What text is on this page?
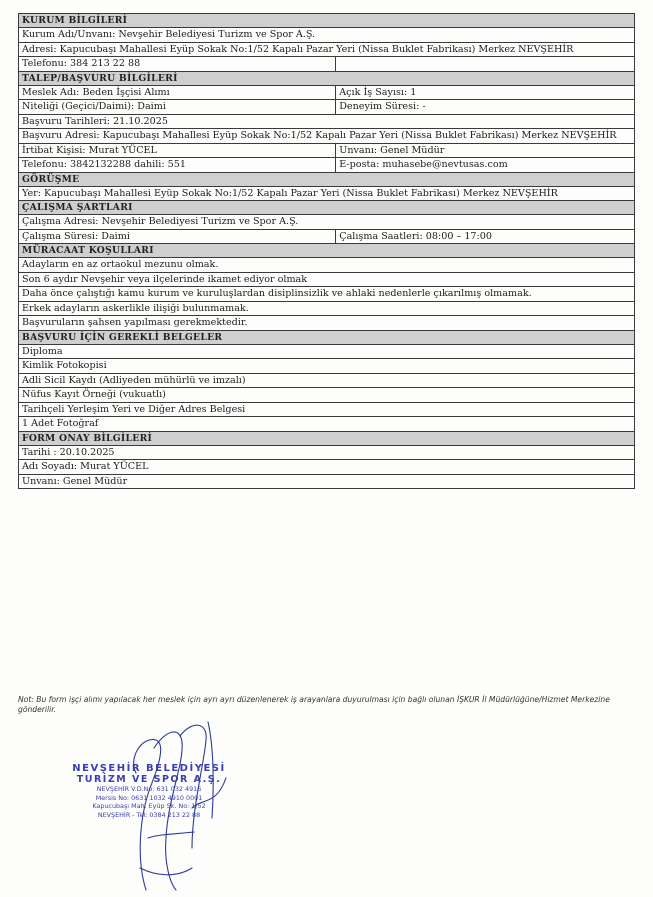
KURUM BİLGİLERİ	
Kurum Adı/Unvanı: Nevşehir Belediyesi Turizm ve Spor A.Ş.	
Adresi: Kapucubaşı Mahallesi Eyüp Sokak No:1/52 Kapalı Pazar Yeri (Nissa Buklet Fabrikası) Merkez NEVŞEHİR	
Telefonu: 384 213 22 88	
TALEP/BAŞVURU BİLGİLERİ	
Meslek Adı: Beden İşçisi Alımı	Açık İş Sayısı: 1
Niteliği (Geçici/Daimi): Daimi	Deneyim Süresi: -
Başvuru Tarihleri: 21.10.2025	
Başvuru Adresi: Kapucubaşı Mahallesi Eyüp Sokak No:1/52 Kapalı Pazar Yeri (Nissa Buklet Fabrikası) Merkez NEVŞEHİR	
İrtibat Kişisi: Murat YÜCEL	Unvanı: Genel Müdür
Telefonu: 3842132288 dahili: 551	E-posta: muhasebe@nevtusas.com
GÖRÜŞME	
Yer: Kapucubaşı Mahallesi Eyüp Sokak No:1/52 Kapalı Pazar Yeri (Nissa Buklet Fabrikası) Merkez NEVŞEHİR	
ÇALIŞMA ŞARTLARI	
Çalışma Adresi: Nevşehir Belediyesi Turizm ve Spor A.Ş.	
Çalışma Süresi: Daimi	Çalışma Saatleri: 08:00 – 17:00
MÜRACAAT KOŞULLARI	
Adayların en az ortaokul mezunu olmak.	
Son 6 aydır Nevşehir veya ilçelerinde ikamet ediyor olmak	
Daha önce çalıştığı kamu kurum ve kuruluşlardan disiplinsizlik ve ahlaki nedenlerle çıkarılmış olmamak.	
Erkek adayların askerlikle ilişiği bulunmamak.	
Başvuruların şahsen yapılması gerekmektedir.	
BAŞVURU İÇİN GEREKLİ BELGELER	
Diploma	
Kimlik Fotokopisi	
Adli Sicil Kaydı (Adliyeden mühürlü ve imzalı)	
Nüfus Kayıt Örneği (vukuatlı)	
Tarihçeli Yerleşim Yeri ve Diğer Adres Belgesi	
1 Adet Fotoğraf	
FORM ONAY BİLGİLERİ	
Tarihi : 20.10.2025	
Adı Soyadı: Murat YÜCEL	
Unvanı: Genel Müdür	
Not: Bu form işçi alımı yapılacak her meslek için ayrı ayrı düzenlenerek iş arayanlara duyurulması için bağlı olunan İŞKUR İl Müdürlüğüne/Hizmet Merkezine gönderilir.
NEVŞEHİR BELEDİYESİ
TURİZM VE SPOR A.Ş.
NEVŞEHİR V.D.No: 631 032 4916
Mersis No: 0631 1032 4910 0001
Kapucubaşı Mah. Eyüp Sk. No: 1/52
NEVŞEHİR - Tel: 0384 213 22 88
